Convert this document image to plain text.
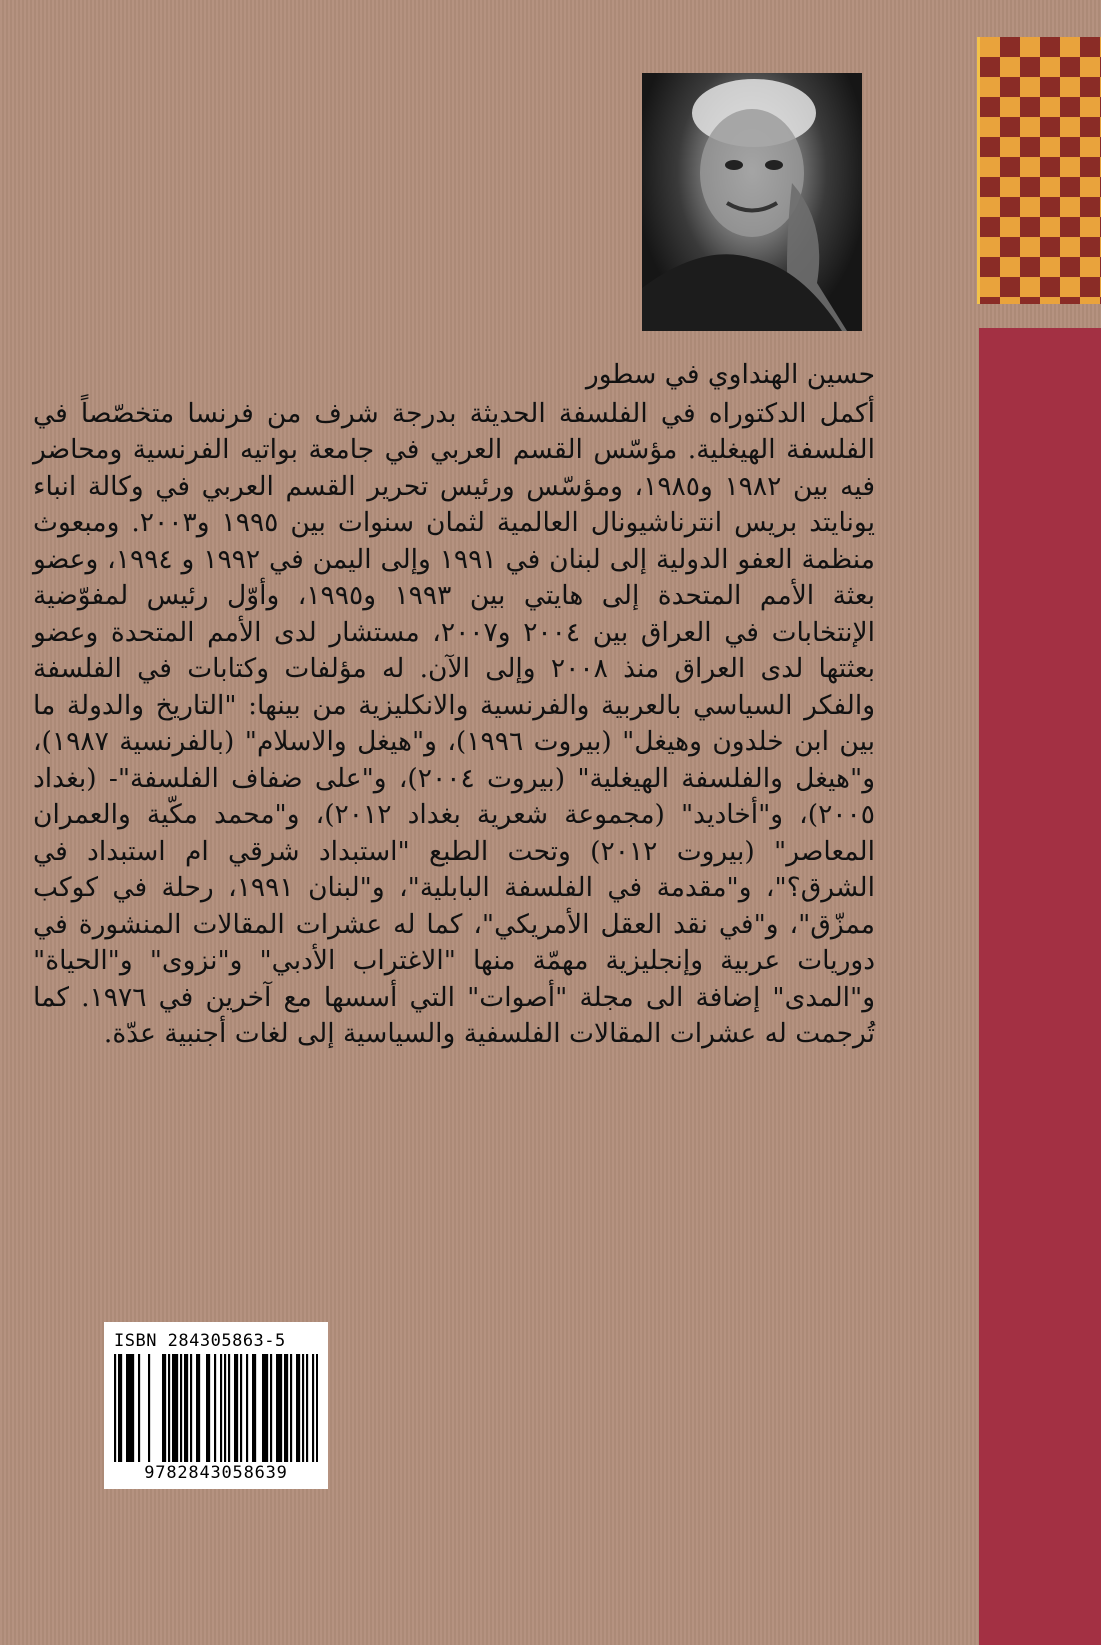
حسين الهنداوي في سطور
أكمل الدكتوراه في الفلسفة الحديثة بدرجة شرف من فرنسا متخصّصاً في الفلسفة الهيغلية. مؤسّس القسم العربي في جامعة بواتيه الفرنسية ومحاضر فيه بين ١٩٨٢ و١٩٨٥، ومؤسّس ورئيس تحرير القسم العربي في وكالة انباء يونايتد بريس انترناشيونال العالمية لثمان سنوات بين ١٩٩٥ و٢٠٠٣. ومبعوث منظمة العفو الدولية إلى لبنان في ١٩٩١ وإلى اليمن في ١٩٩٢ و ١٩٩٤، وعضو بعثة الأمم المتحدة إلى هايتي بين ١٩٩٣ و١٩٩٥، وأوّل رئيس لمفوّضية الإنتخابات في العراق بين ٢٠٠٤ و٢٠٠٧، مستشار لدى الأمم المتحدة وعضو بعثتها لدى العراق منذ ٢٠٠٨ وإلى الآن. له مؤلفات وكتابات في الفلسفة والفكر السياسي بالعربية والفرنسية والانكليزية من بينها: "التاريخ والدولة ما بين ابن خلدون وهيغل" (بيروت ١٩٩٦)، و"هيغل والاسلام" (بالفرنسية ١٩٨٧)، و"هيغل والفلسفة الهيغلية" (بيروت ٢٠٠٤)، و"على ضفاف الفلسفة"- (بغداد ٢٠٠٥)، و"أخاديد" (مجموعة شعرية بغداد ٢٠١٢)، و"محمد مكّية والعمران المعاصر" (بيروت ٢٠١٢) وتحت الطبع "استبداد شرقي ام استبداد في الشرق؟"، و"مقدمة في الفلسفة البابلية"، و"لبنان ١٩٩١، رحلة في كوكب ممزّق"، و"في نقد العقل الأمريكي"، كما له عشرات المقالات المنشورة في دوريات عربية وإنجليزية مهمّة منها "الاغتراب الأدبي" و"نزوى" و"الحياة" و"المدى" إضافة الى مجلة "أصوات" التي أسسها مع آخرين في ١٩٧٦. كما تُرجمت له عشرات المقالات الفلسفية والسياسية إلى لغات أجنبية عدّة.
ISBN 284305863-5
9782843058639
